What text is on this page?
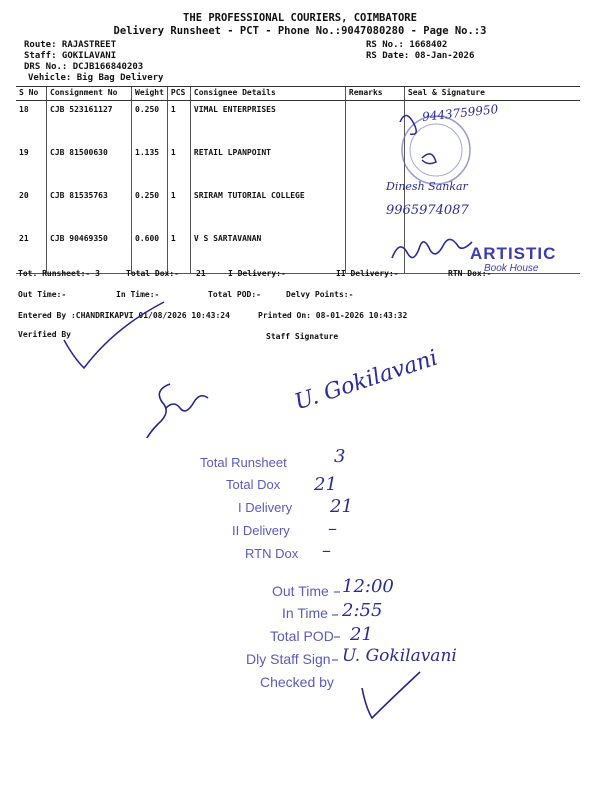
THE PROFESSIONAL COURIERS, COIMBATORE
Delivery Runsheet - PCT - Phone No.:9047080280 - Page No.:3
Route: RAJASTREET
Staff: GOKILAVANI
DRS No.: DCJB166840203
Vehicle: Big Bag Delivery
RS No.: 1668402
RS Date: 08-Jan-2026
S No	Consignment No	Weight	PCS	Consignee Details	Remarks	Seal & Signature
18	CJB 523161127	0.250	1	VIMAL ENTERPRISES		
19	CJB 81500630	1.135	1	RETAIL LPANPOINT		
20	CJB 81535763	0.250	1	SRIRAM TUTORIAL COLLEGE		
21	CJB 90469350	0.600	1	V S SARTAVANAN		
9443759950
Dinesh Sankar
9965974087
ARTISTIC
Book House
Tot. Runsheet:- 3	Total Dox:- 21	I Delivery:-	II Delivery:-	RTN Dox:-
Out Time:-	In Time:-	Total POD:-	Delvy Points:-
Entered By :CHANDRIKAPVI 01/08/2026 10:43:24	Printed On: 08-01-2026 10:43:32
Verified By	Staff Signature
U. Gokilavani
Total Runsheet	3
Total Dox 21
I Delivery 21
II Delivery –
RTN Dox –
Out Time 12:00
In Time 2:55
Total POD 21
Dly Staff Sign U. Gokilavani
Checked by
